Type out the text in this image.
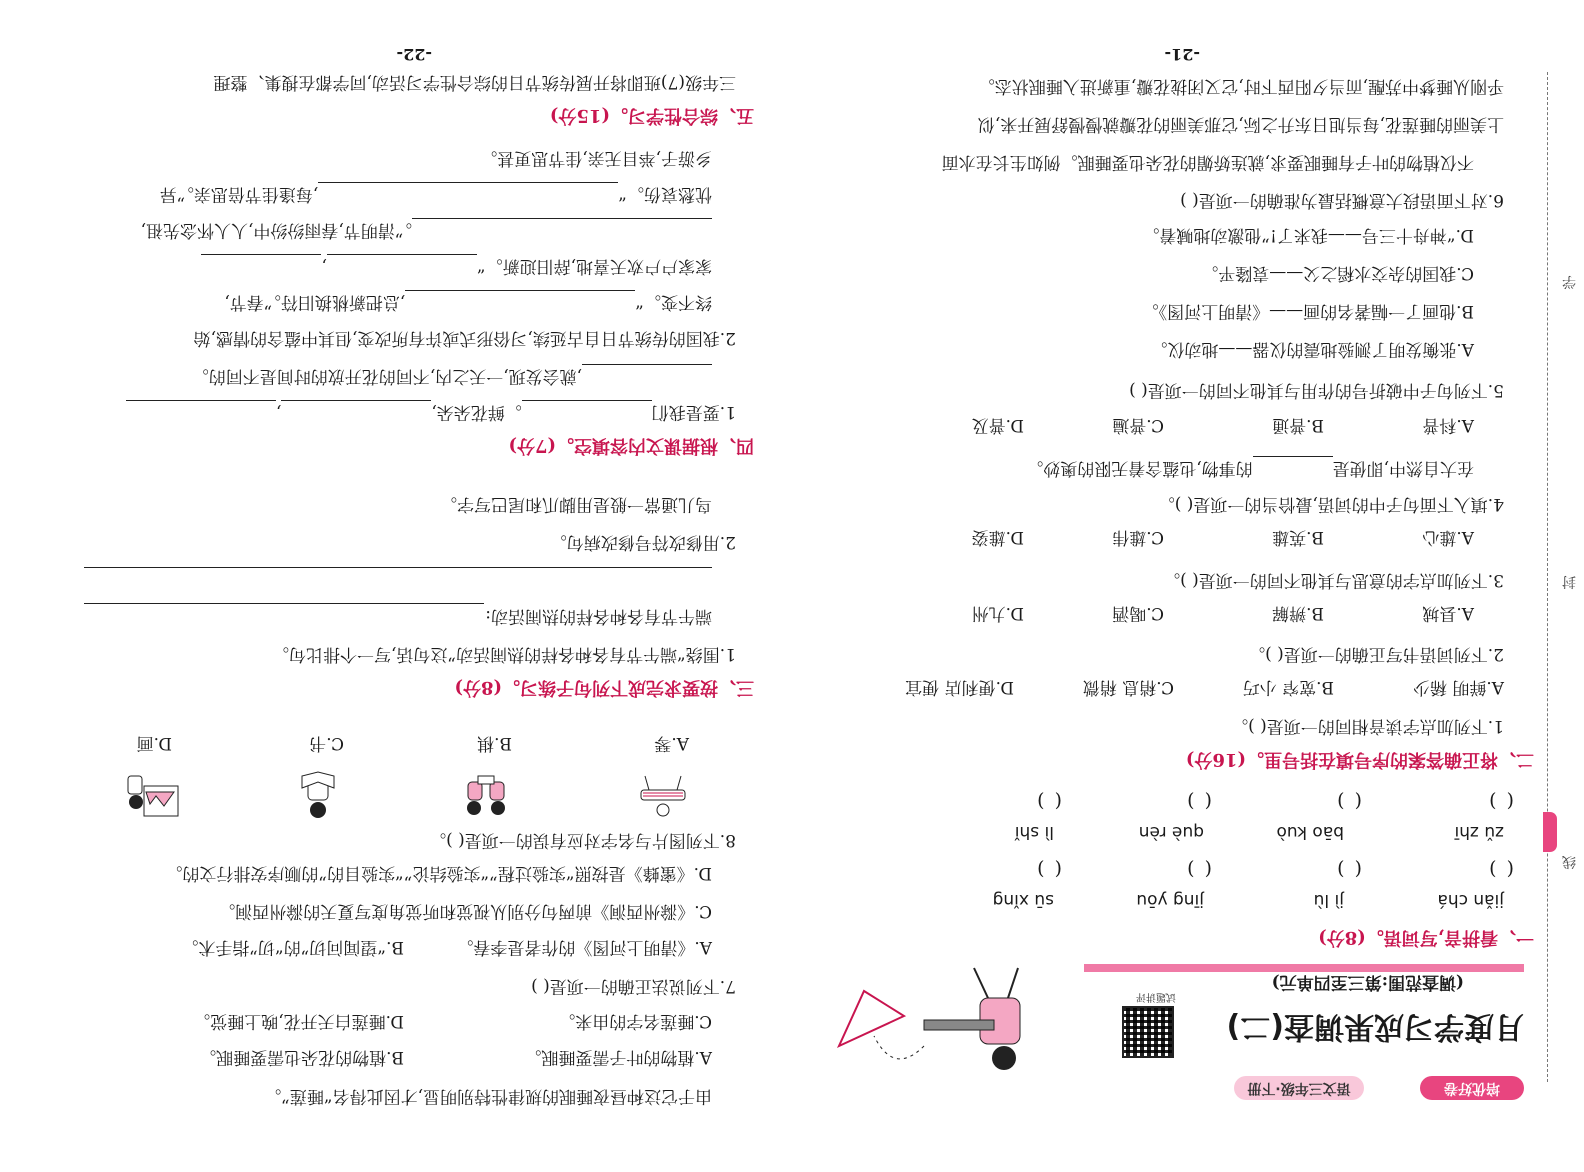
线
封
学
培优好卷
语文三年级·下册
月度学习成果调查(二)
试题讲评
(调查范围:第三至四单元)
一、看拼音,写词语。(8分)
jiǎn chá
jì lù
jīng yōu
sū xǐng
( )
( )
( )
( )
zǔ zhī
bāo kuò
què rèn
lì shǐ
( )
( )
( )
( )
二、将正确答案的序号填在括号里。(16分)
1.下列加点字读音相同的一项是( )。
A.鲜明 稀少
B.宽窄 小巧
C.稍息 稍微
D.便利店 便宜
2.下列词语书写正确的一项是( )。
A.县城
B.辨解
C.喝酒
D.九州
3.下列加点字的意思与其他不同的一项是( )。
A.雄心
B.英雄
C.雄伟
D.雄姿
4.填入下面句子中的词语,最恰当的一项是( )。
在大自然中,即使是的事物,也蕴含着无限的奥妙。
A.科普
B.普通
C.普遍
D.普及
5.下列句子中破折号的作用与其他不同的一项是( )
A.张衡发明了测验地震的仪器——地动仪。
B.他画了一幅著名的画——《清明上河图》。
C.我国的杂交水稻之父——袁隆平。
D.“神舟十三号——我来了!”他激动地喊着。
6.对下面语段大意概括最为准确的一项是( )
不仅植物的叶子有睡眠要求,就连娇媚的花朵也要睡眠。例如生长在水面
上美丽的睡莲花,每当旭日东升之际,它那美丽的花瓣就慢慢舒展开来,似
乎刚从睡梦中苏醒,而当夕阳西下时,它又闭拢花瓣,重新进入睡眠状态。
-21-
由于它这种昼夜睡眠的规律性特别明显,才因此得名“睡莲”。
A.植物的叶子需要睡眠。
B.植物的花朵也需要睡眠。
C.睡莲名字的由来。
D.睡莲白天开花,晚上睡觉。
7.下列说法正确的一项是( )
A.《清明上河图》的作者是李春。
B.“望闻问切”的“切”指手术。
C.《滁州西涧》前两句分别从视觉和听觉角度写夏天的滁州西涧。
D.《蜜蜂》是按照“实验过程”“实验结论”“实验目的”的顺序安排行文的。
8.下列图片与名字对应有误的一项是( )。
A.琴
B.棋
C.书
D.画
三、按要求完成下列句子练习。(8分)
1.围绕“端午节有各种各样的热闹活动”这句话,写一个排比句。
端午节有各种各样的热闹活动:
2.用修改符号修改病句。
鸟儿通常一般是用脚爪和尾巴写字。
四、根据课文内容填空。(7分)
1.要是我们。鲜花朵朵,,
,就会发现,一天之内,不同的花开放的时间是不同的。
2.我国的传统节日自古延续,习俗形式或许有所改变,但其中蕴含的情感,始
终不变。“,总把新桃换旧符。”春节,
家家户户欢天喜地,辞旧迎新。“,
。”清明节,春雨纷纷中,人人怀念先祖,
忧愁哀伤。“,每逢佳节倍思亲。”异
乡游子,举目无亲,佳节思更甚。
五、综合性学习。(15分)
三年级(7)班即将开展传统节日的综合性学习活动,同学都在搜集、整理
-22-
